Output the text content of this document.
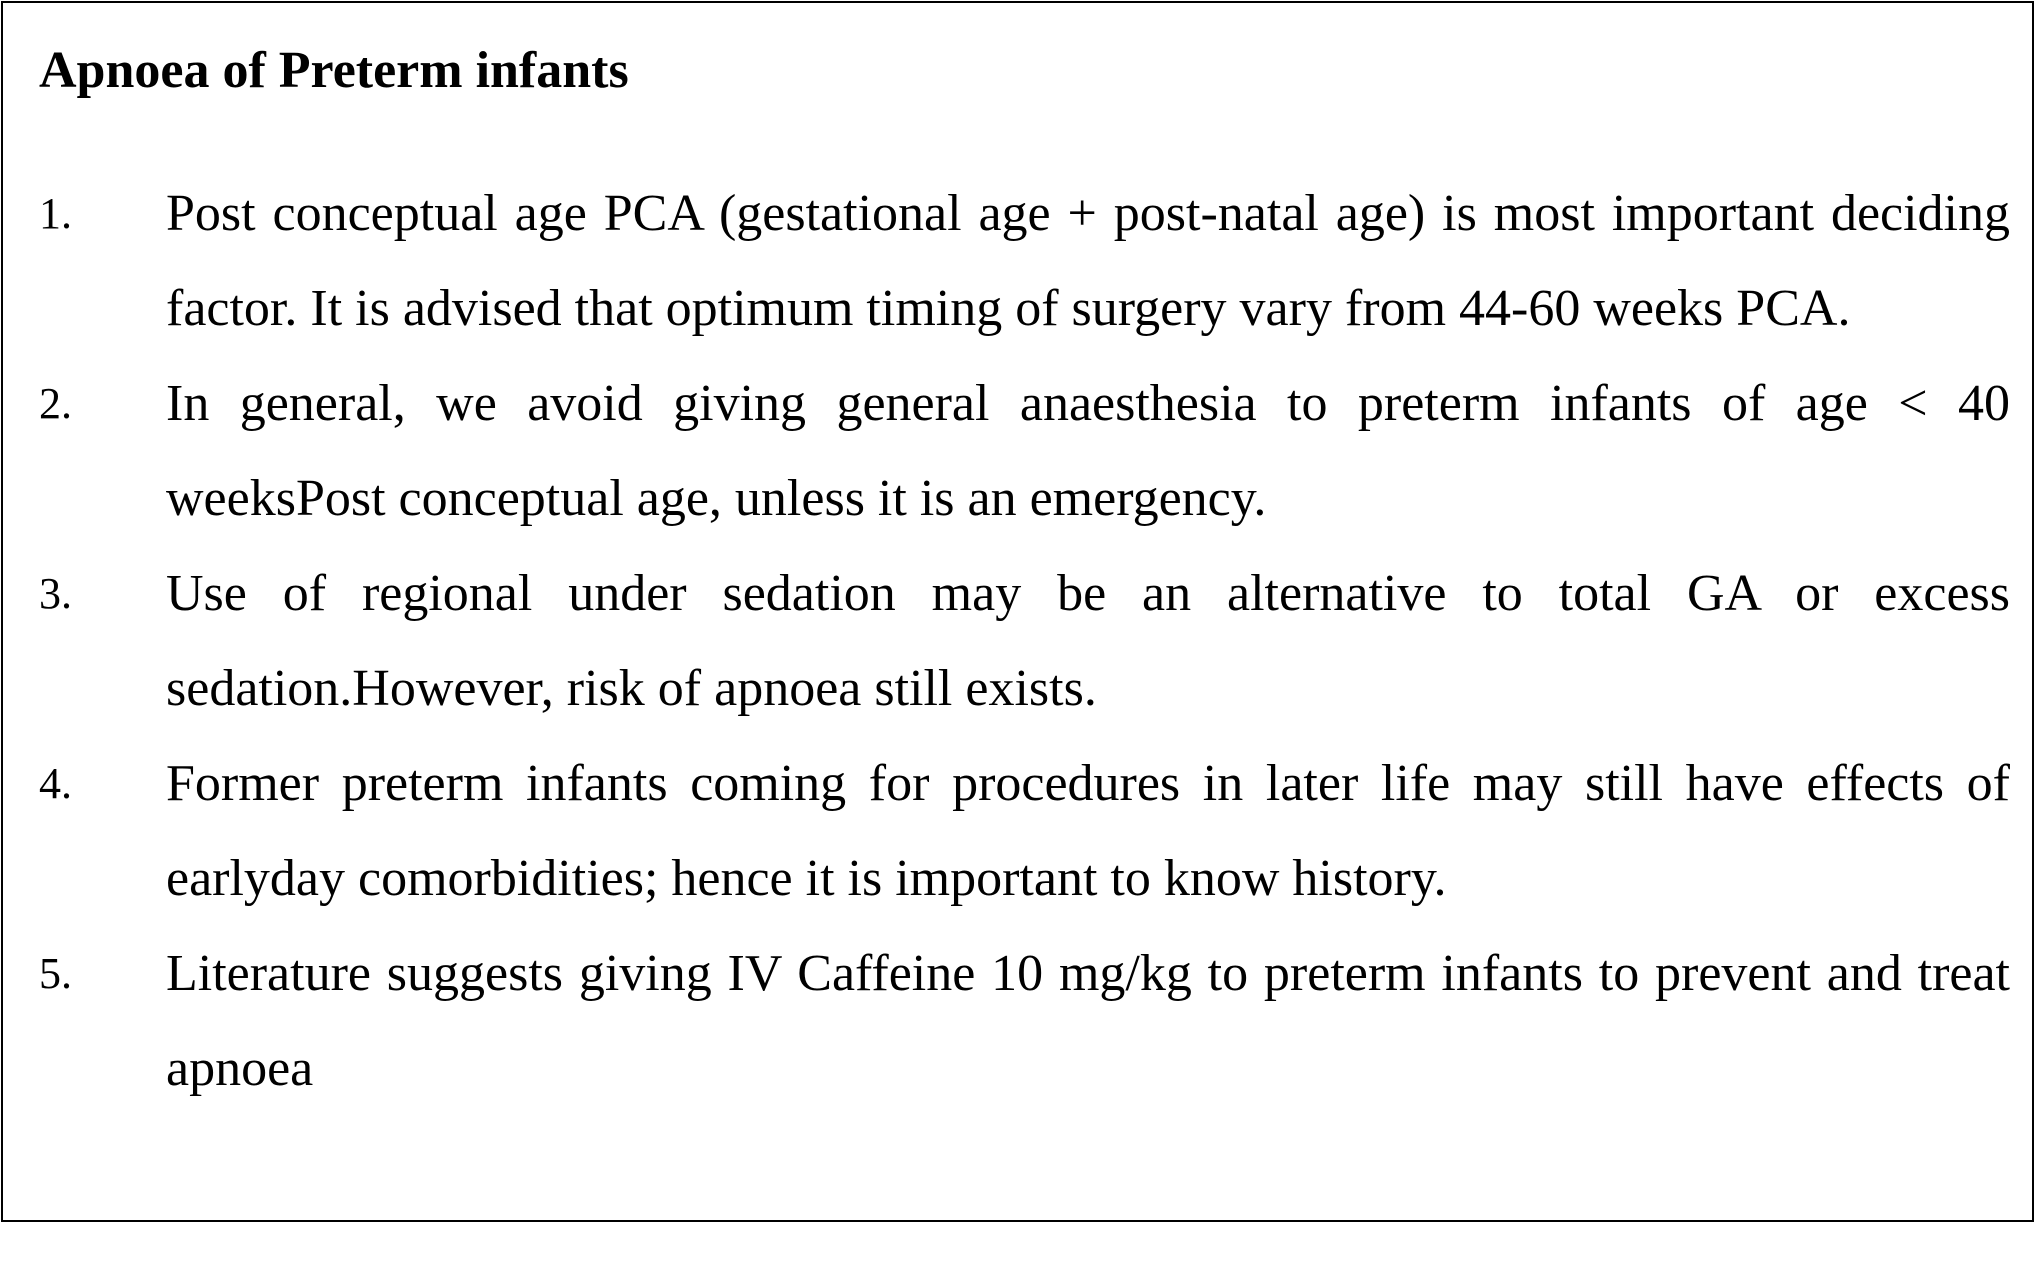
Apnoea of Preterm infants
1. Post conceptual age PCA (gestational age + post-natal age) is most important deciding factor. It is advised that optimum timing of surgery vary from 44-60 weeks PCA.
2. In general, we avoid giving general anaesthesia to preterm infants of age < 40 weeksPost conceptual age, unless it is an emergency.
3. Use of regional under sedation may be an alternative to total GA or excess sedation.However, risk of apnoea still exists.
4. Former preterm infants coming for procedures in later life may still have effects of earlyday comorbidities; hence it is important to know history.
5. Literature suggests giving IV Caffeine 10 mg/kg to preterm infants to prevent and treat apnoea
